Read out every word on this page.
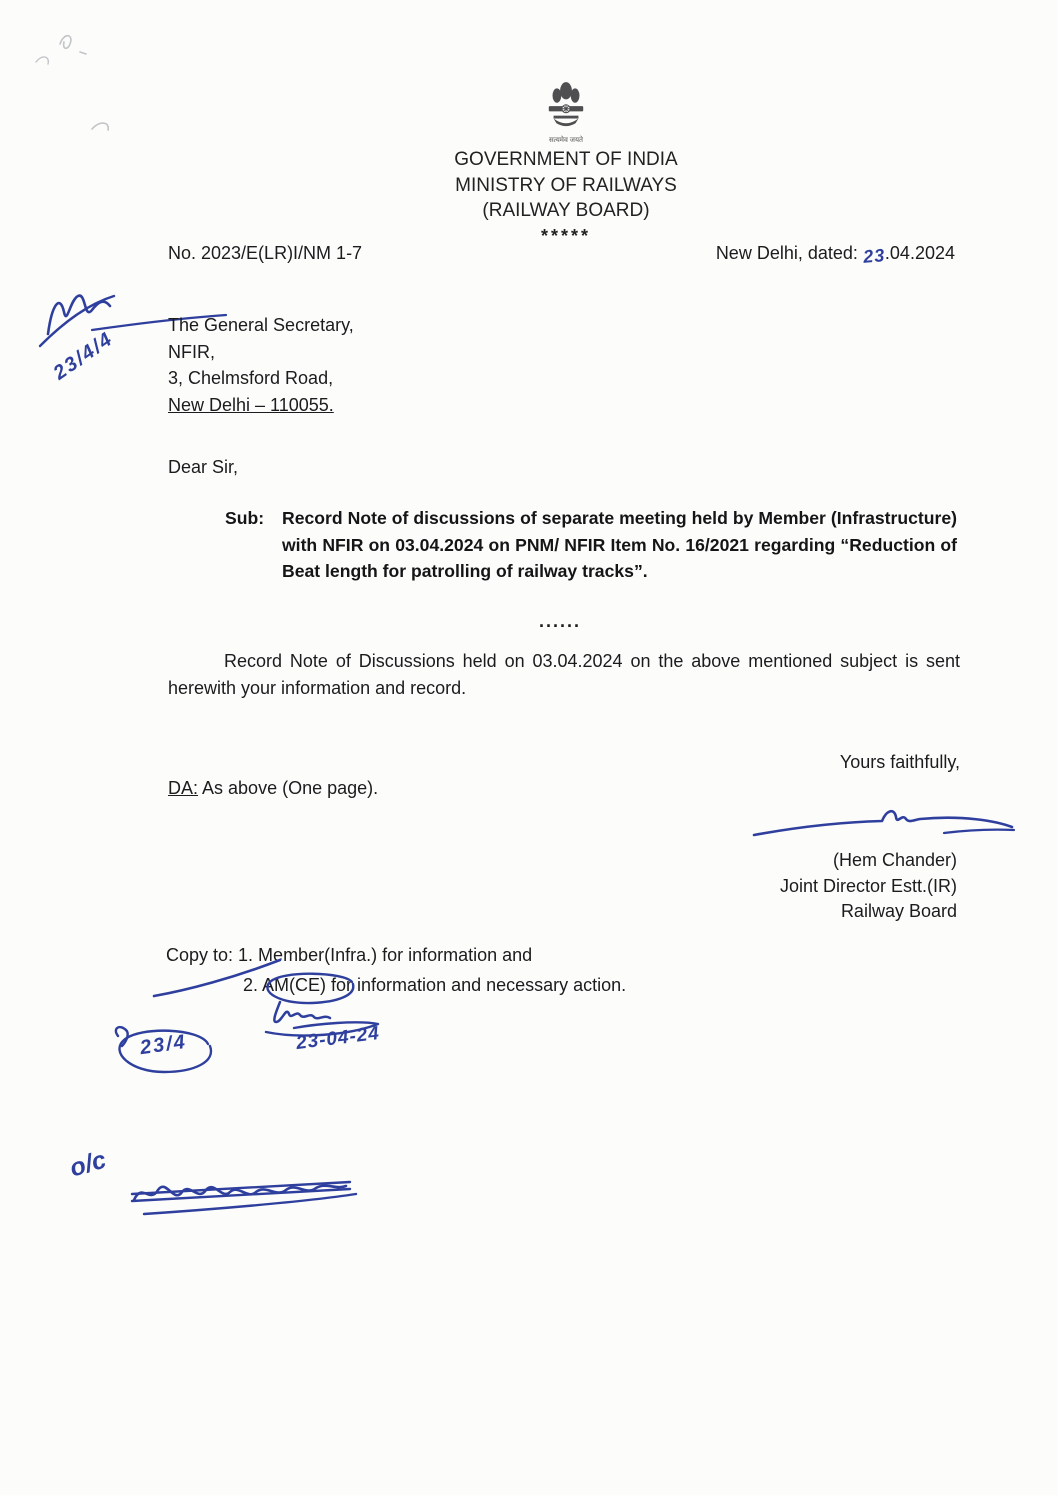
सत्यमेव जयते
GOVERNMENT OF INDIA
MINISTRY OF RAILWAYS
(RAILWAY BOARD)
*****
No. 2023/E(LR)I/NM 1-7	New Delhi, dated: 23.04.2024
23/4/4
The General Secretary,
NFIR,
3, Chelmsford Road,
New Delhi – 110055.
Dear Sir,
Sub:	Record Note of discussions of separate meeting held by Member (Infrastructure) with NFIR on 03.04.2024 on PNM/ NFIR Item No. 16/2021 regarding “Reduction of Beat length for patrolling of railway tracks”.
......
Record Note of Discussions held on 03.04.2024 on the above mentioned subject is sent herewith your information and record.
Yours faithfully,
DA: As above (One page).
(Hem Chander)
Joint Director Estt.(IR)
Railway Board
Copy to: 1. Member(Infra.) for information and
2. AM(CE) for information and necessary action.
23-04-24
23/4
o/c
